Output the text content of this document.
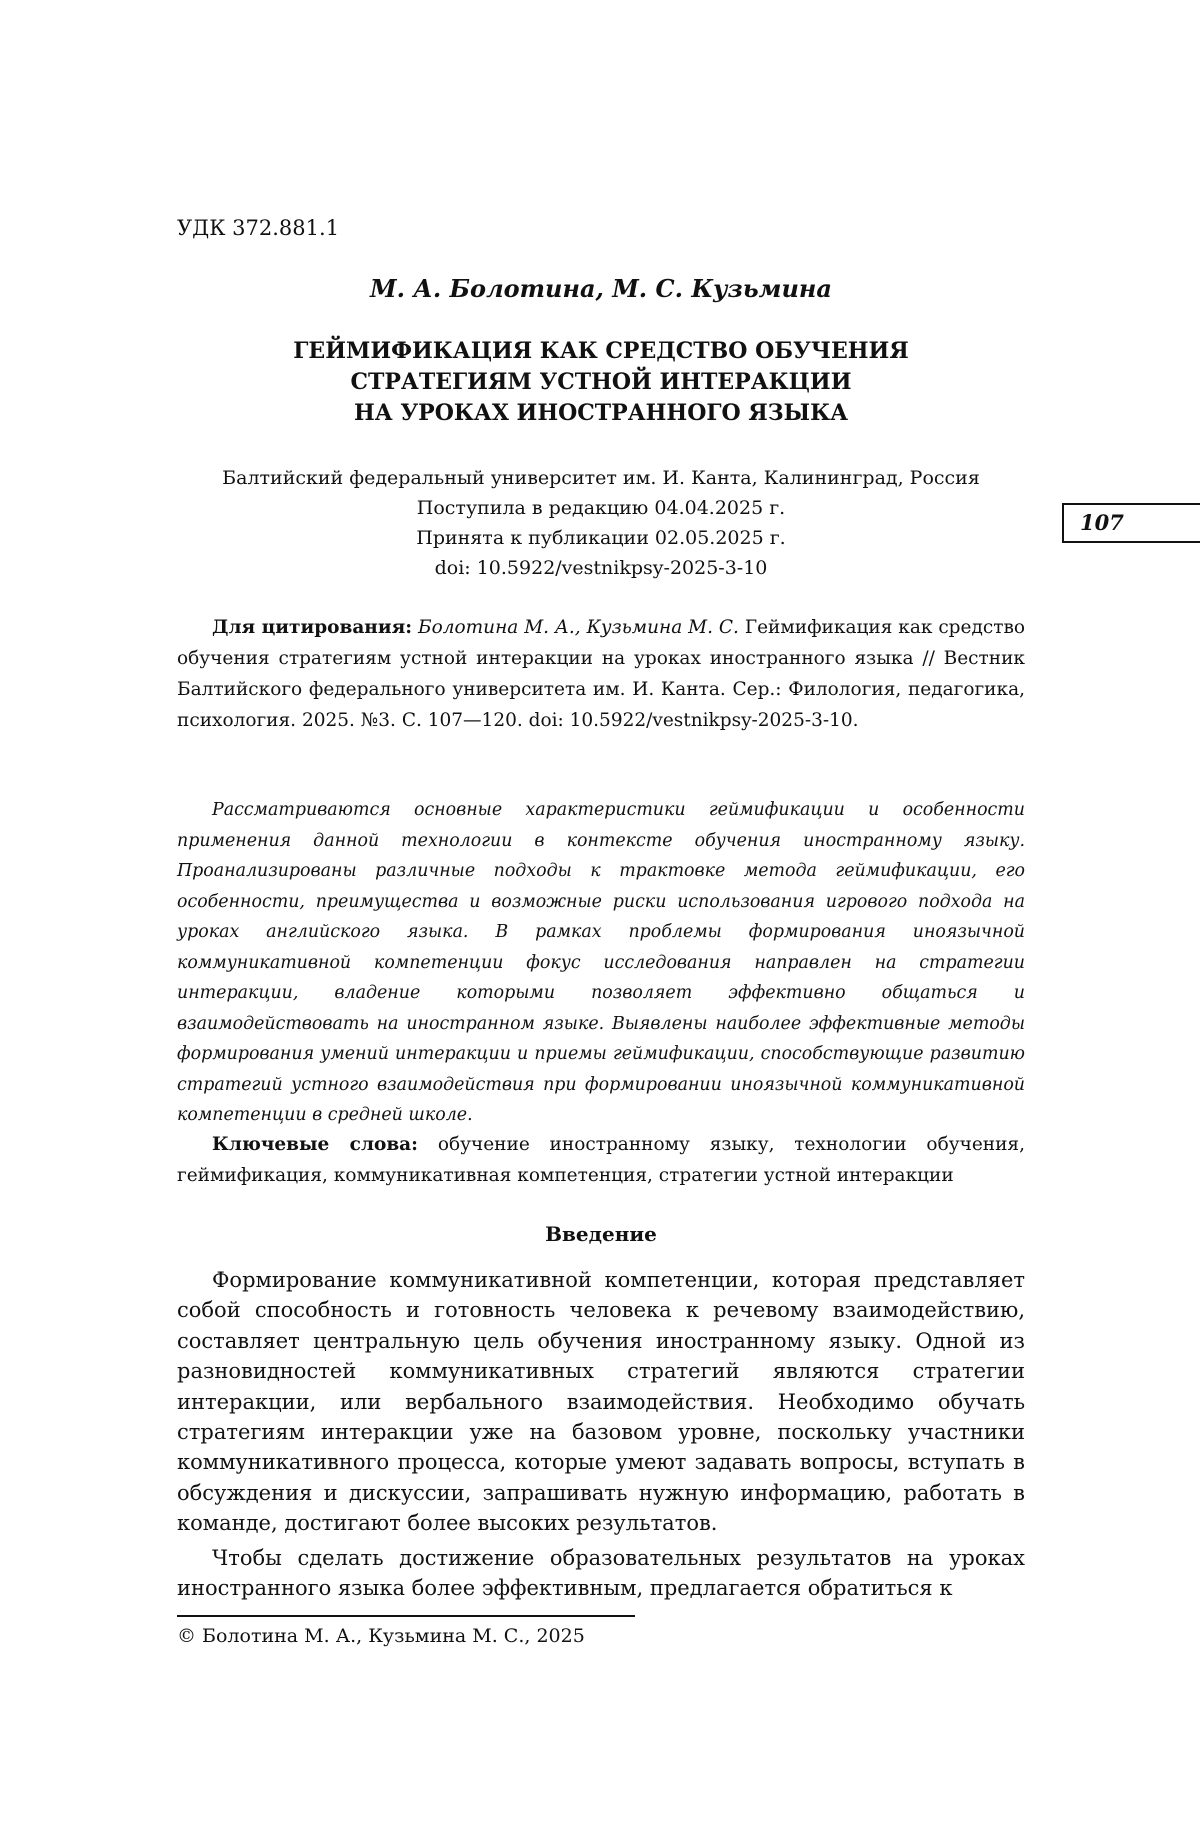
УДК 372.881.1
М. А. Болотина, М. С. Кузьмина
ГЕЙМИФИКАЦИЯ КАК СРЕДСТВО ОБУЧЕНИЯ
СТРАТЕГИЯМ УСТНОЙ ИНТЕРАКЦИИ
НА УРОКАХ ИНОСТРАННОГО ЯЗЫКА
Балтийский федеральный университет им. И. Канта, Калининград, Россия
Поступила в редакцию 04.04.2025 г.
Принята к публикации 02.05.2025 г.
doi: 10.5922/vestnikpsy-2025-3-10
Для цитирования: Болотина М. А., Кузьмина М. С. Геймификация как средство обучения стратегиям устной интеракции на уроках иностранного языка // Вестник Балтийского федерального университета им. И. Канта. Сер.: Филология, педагогика, психология. 2025. №3. С. 107—120. doi: 10.5922/vestnikpsy-2025-3-10.
Рассматриваются основные характеристики геймификации и особенности применения данной технологии в контексте обучения иностранному языку. Проанализированы различные подходы к трактовке метода геймификации, его особенности, преимущества и возможные риски использования игрового подхода на уроках английского языка. В рамках проблемы формирования иноязычной коммуникативной компетенции фокус исследования направлен на стратегии интеракции, владение которыми позволяет эффективно общаться и взаимодействовать на иностранном языке. Выявлены наиболее эффективные методы формирования умений интеракции и приемы геймификации, способствующие развитию стратегий устного взаимодействия при формировании иноязычной коммуникативной компетенции в средней школе.
Ключевые слова: обучение иностранному языку, технологии обучения, геймификация, коммуникативная компетенция, стратегии устной интеракции
Введение

Формирование коммуникативной компетенции, которая представляет собой способность и готовность человека к речевому взаимодействию, составляет центральную цель обучения иностранному языку. Одной из разновидностей коммуникативных стратегий являются стратегии интеракции, или вербального взаимодействия. Необходимо обучать стратегиям интеракции уже на базовом уровне, поскольку участники коммуникативного процесса, которые умеют задавать вопросы, вступать в обсуждения и дискуссии, запрашивать нужную информацию, работать в команде, достигают более высоких результатов.

Чтобы сделать достижение образовательных результатов на уроках иностранного языка более эффективным, предлагается обратиться к

© Болотина М. А., Кузьмина М. С., 2025
107
